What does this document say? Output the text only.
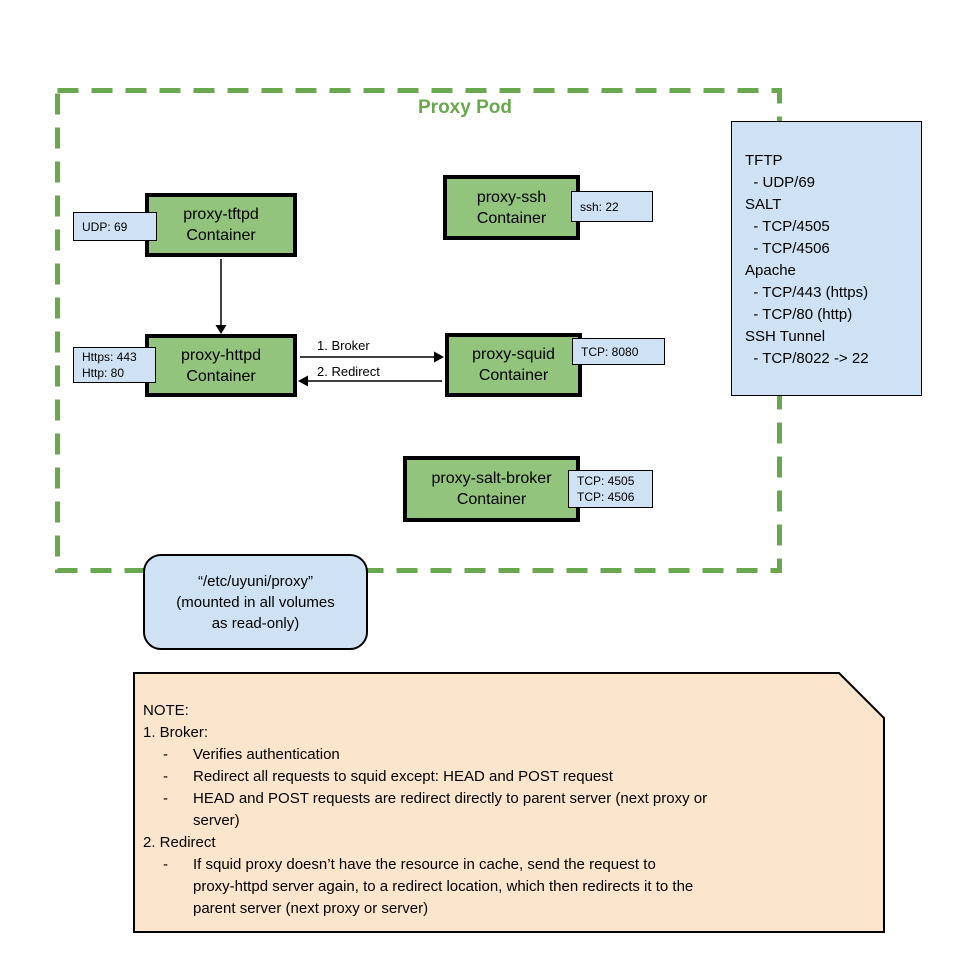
Proxy Pod
proxy-tftpd
Container
proxy-ssh
Container
proxy-httpd
Container
proxy-squid
Container
proxy-salt-broker
Container
UDP: 69
ssh: 22
Https: 443
Http: 80
TCP: 8080
TCP: 4505
TCP: 4506
1. Broker
2. Redirect
TFTP
- UDP/69
SALT
- TCP/4505
- TCP/4506
Apache
- TCP/443 (https)
- TCP/80 (http)
SSH Tunnel
- TCP/8022 -> 22
“/etc/uyuni/proxy”
(mounted in all volumes
as read-only)
NOTE:
1. Broker:
-      Verifies authentication
-      Redirect all requests to squid except: HEAD and POST request
-      HEAD and POST requests are redirect directly to parent server (next proxy or
server)
2. Redirect
-      If squid proxy doesn’t have the resource in cache, send the request to
proxy-httpd server again, to a redirect location, which then redirects it to the
parent server (next proxy or server)
